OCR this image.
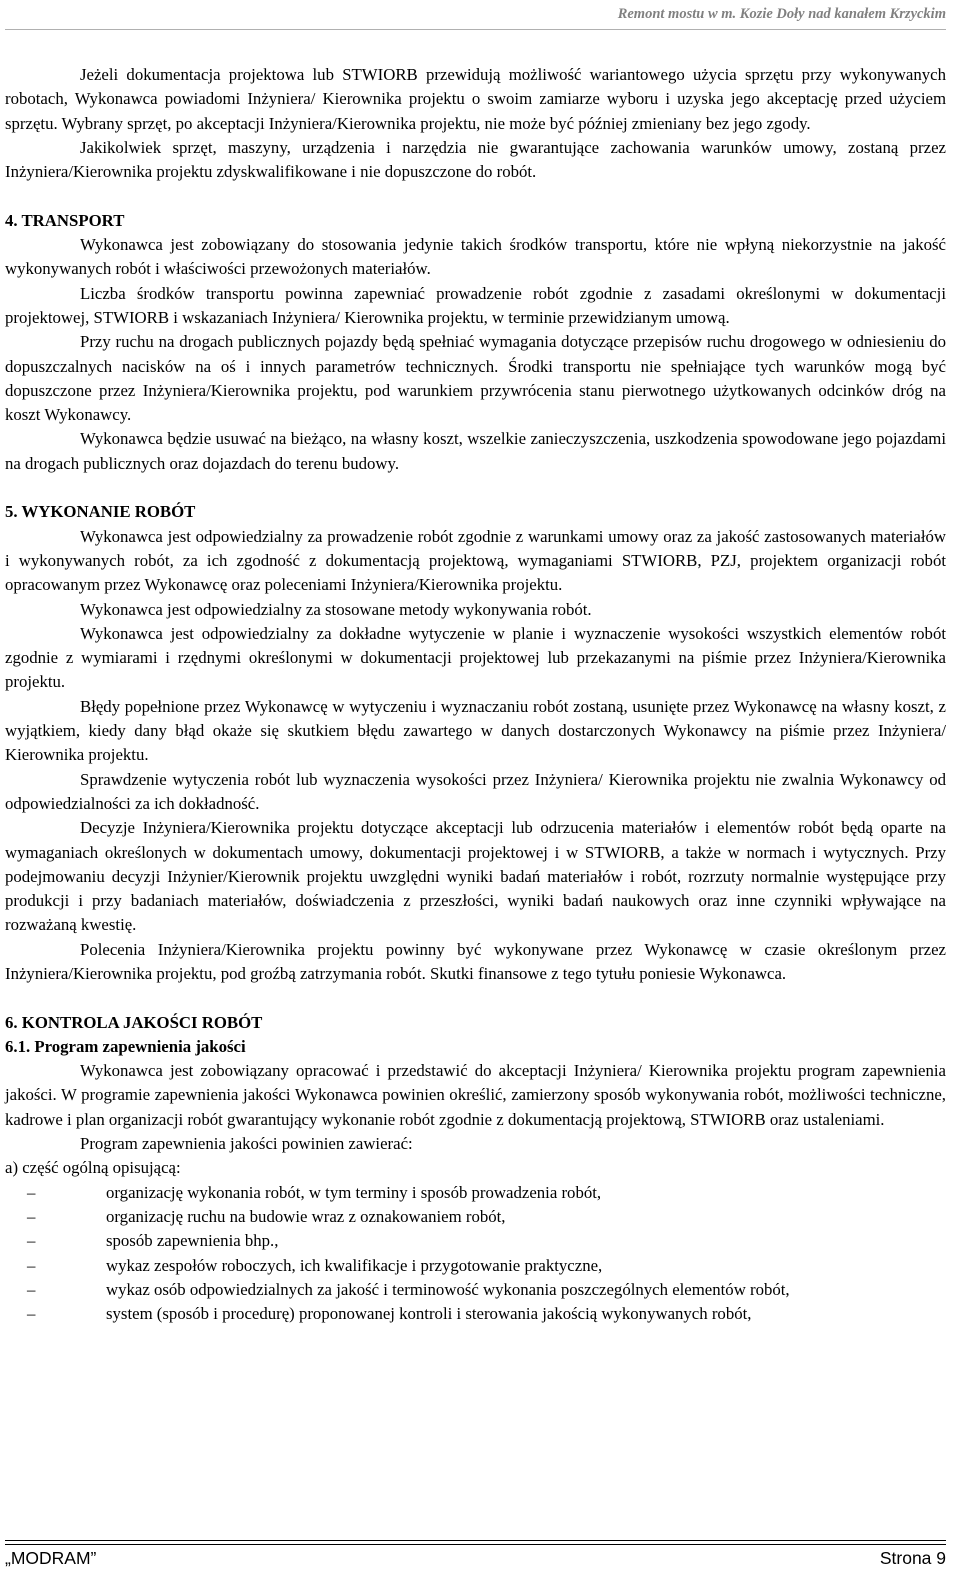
Remont mostu w m. Kozie Doły nad kanałem Krzyckim

Jeżeli dokumentacja projektowa lub STWIORB przewidują możliwość wariantowego użycia sprzętu przy wykonywanych robotach, Wykonawca powiadomi Inżyniera/ Kierownika projektu o swoim zamiarze wyboru i uzyska jego akceptację przed użyciem sprzętu. Wybrany sprzęt, po akceptacji Inżyniera/Kierownika projektu, nie może być później zmieniany bez jego zgody.

Jakikolwiek sprzęt, maszyny, urządzenia i narzędzia nie gwarantujące zachowania warunków umowy, zostaną przez Inżyniera/Kierownika projektu zdyskwalifikowane i nie dopuszczone do robót.

4. TRANSPORT

Wykonawca jest zobowiązany do stosowania jedynie takich środków transportu, które nie wpłyną niekorzystnie na jakość wykonywanych robót i właściwości przewożonych materiałów.

Liczba środków transportu powinna zapewniać prowadzenie robót zgodnie z zasadami określonymi w dokumentacji projektowej, STWIORB i wskazaniach Inżyniera/ Kierownika projektu, w terminie przewidzianym umową.

Przy ruchu na drogach publicznych pojazdy będą spełniać wymagania dotyczące przepisów ruchu drogowego w odniesieniu do dopuszczalnych nacisków na oś i innych parametrów technicznych. Środki transportu nie spełniające tych warunków mogą być dopuszczone przez Inżyniera/Kierownika projektu, pod warunkiem przywrócenia stanu pierwotnego użytkowanych odcinków dróg na koszt Wykonawcy.

Wykonawca będzie usuwać na bieżąco, na własny koszt, wszelkie zanieczyszczenia, uszkodzenia spowodowane jego pojazdami na drogach publicznych oraz dojazdach do terenu budowy.

5. WYKONANIE ROBÓT

Wykonawca jest odpowiedzialny za prowadzenie robót zgodnie z warunkami umowy oraz za jakość zastosowanych materiałów i wykonywanych robót, za ich zgodność z dokumentacją projektową, wymaganiami STWIORB, PZJ, projektem organizacji robót opracowanym przez Wykonawcę oraz poleceniami Inżyniera/Kierownika projektu.

Wykonawca jest odpowiedzialny za stosowane metody wykonywania robót.

Wykonawca jest odpowiedzialny za dokładne wytyczenie w planie i wyznaczenie wysokości wszystkich elementów robót zgodnie z wymiarami i rzędnymi określonymi w dokumentacji projektowej lub przekazanymi na piśmie przez Inżyniera/Kierownika projektu.

Błędy popełnione przez Wykonawcę w wytyczeniu i wyznaczaniu robót zostaną, usunięte przez Wykonawcę na własny koszt, z wyjątkiem, kiedy dany błąd okaże się skutkiem błędu zawartego w danych dostarczonych Wykonawcy na piśmie przez Inżyniera/ Kierownika projektu.

Sprawdzenie wytyczenia robót lub wyznaczenia wysokości przez Inżyniera/ Kierownika projektu nie zwalnia Wykonawcy od odpowiedzialności za ich dokładność.

Decyzje Inżyniera/Kierownika projektu dotyczące akceptacji lub odrzucenia materiałów i elementów robót będą oparte na wymaganiach określonych w dokumentach umowy, dokumentacji projektowej i w STWIORB, a także w normach i wytycznych. Przy podejmowaniu decyzji Inżynier/Kierownik projektu uwzględni wyniki badań materiałów i robót, rozrzuty normalnie występujące przy produkcji i przy badaniach materiałów, doświadczenia z przeszłości, wyniki badań naukowych oraz inne czynniki wpływające na rozważaną kwestię.

Polecenia Inżyniera/Kierownika projektu powinny być wykonywane przez Wykonawcę w czasie określonym przez Inżyniera/Kierownika projektu, pod groźbą zatrzymania robót. Skutki finansowe z tego tytułu poniesie Wykonawca.

6. KONTROLA JAKOŚCI ROBÓT
6.1. Program zapewnienia jakości

Wykonawca jest zobowiązany opracować i przedstawić do akceptacji Inżyniera/ Kierownika projektu program zapewnienia jakości. W programie zapewnienia jakości Wykonawca powinien określić, zamierzony sposób wykonywania robót, możliwości techniczne, kadrowe i plan organizacji robót gwarantujący wykonanie robót zgodnie z dokumentacją projektową, STWIORB oraz ustaleniami.

Program zapewnienia jakości powinien zawierać:

a) część ogólną opisującą:

–	organizację wykonania robót, w tym terminy i sposób prowadzenia robót,
–	organizację ruchu na budowie wraz z oznakowaniem robót,
–	sposób zapewnienia bhp.,
–	wykaz zespołów roboczych, ich kwalifikacje i przygotowanie praktyczne,
–	wykaz osób odpowiedzialnych za jakość i terminowość wykonania poszczególnych elementów robót,
–	system (sposób i procedurę) proponowanej kontroli i sterowania jakością wykonywanych robót,
„MODRAM”	Strona 9
